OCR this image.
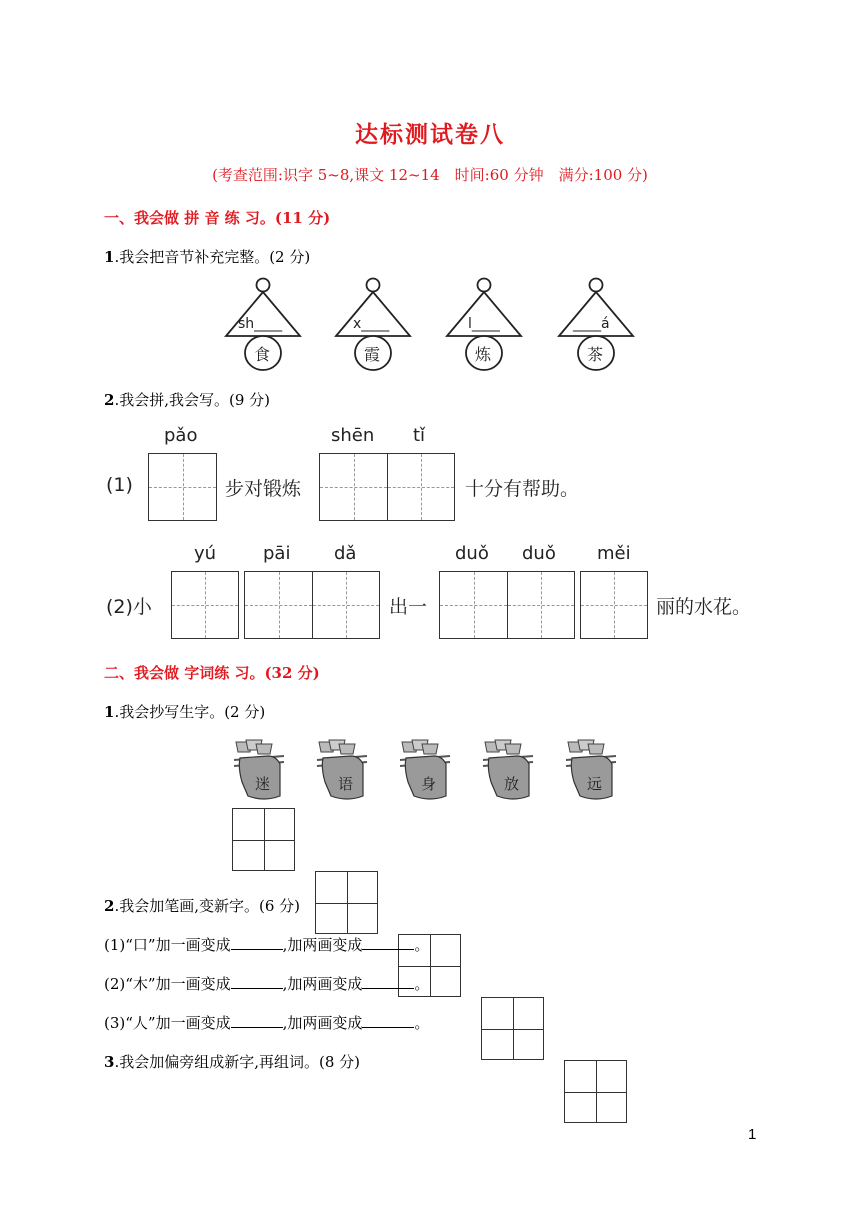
达标测试卷八
(考查范围:识字 5~8,课文 12~14　时间:60 分钟　满分:100 分)
一、我会做 拼 音 练 习。(11 分)
1.我会把音节补充完整。(2 分)
sh____	x____	l____	____á
食	霞	炼	茶
2.我会拼,我会写。(9 分)
pǎo	shēn tǐ
(1)	步对锻炼	十分有帮助。
yú	pāi dǎ	duǒ duǒ měi
(2)小	出一	丽的水花。
二、我会做 字词练 习。(32 分)
1.我会抄写生字。(2 分)
迷	语	身	放	远
2.我会加笔画,变新字。(6 分)
(1)“口”加一画变成	,加两画变成	。
(2)“木”加一画变成	,加两画变成	。
(3)“人”加一画变成	,加两画变成	。
3.我会加偏旁组成新字,再组词。(8 分)
1
